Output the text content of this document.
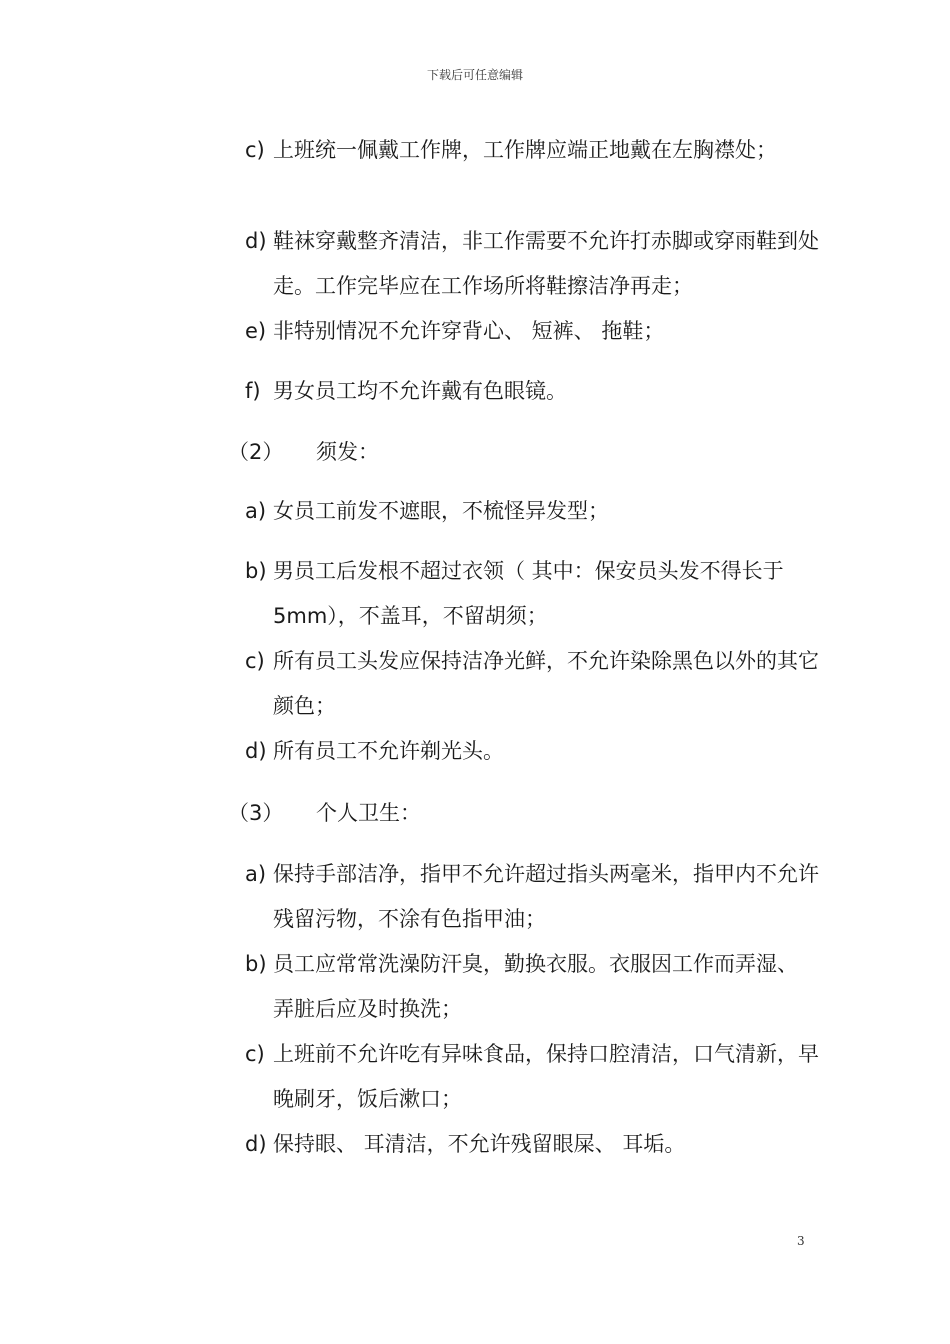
下载后可任意编辑
c) 上班统一佩戴工作牌，工作牌应端正地戴在左胸襟处；
d) 鞋袜穿戴整齐清洁，非工作需要不允许打赤脚或穿雨鞋到处走。工作完毕应在工作场所将鞋擦洁净再走；
e) 非特别情况不允许穿背心、 短裤、 拖鞋；
f) 男女员工均不允许戴有色眼镜。
（2） 须发：
a) 女员工前发不遮眼，不梳怪异发型；
b) 男员工后发根不超过衣领（ 其中：保安员头发不得长于 5mm），不盖耳，不留胡须；
c) 所有员工头发应保持洁净光鲜，不允许染除黑色以外的其它颜色；
d) 所有员工不允许剃光头。
（3） 个人卫生：
a) 保持手部洁净，指甲不允许超过指头两毫米，指甲内不允许残留污物，不涂有色指甲油；
b) 员工应常常洗澡防汗臭，勤换衣服。衣服因工作而弄湿、 弄脏后应及时换洗；
c) 上班前不允许吃有异味食品，保持口腔清洁，口气清新，早晚刷牙，饭后漱口；
d) 保持眼、 耳清洁，不允许残留眼屎、 耳垢。
3
